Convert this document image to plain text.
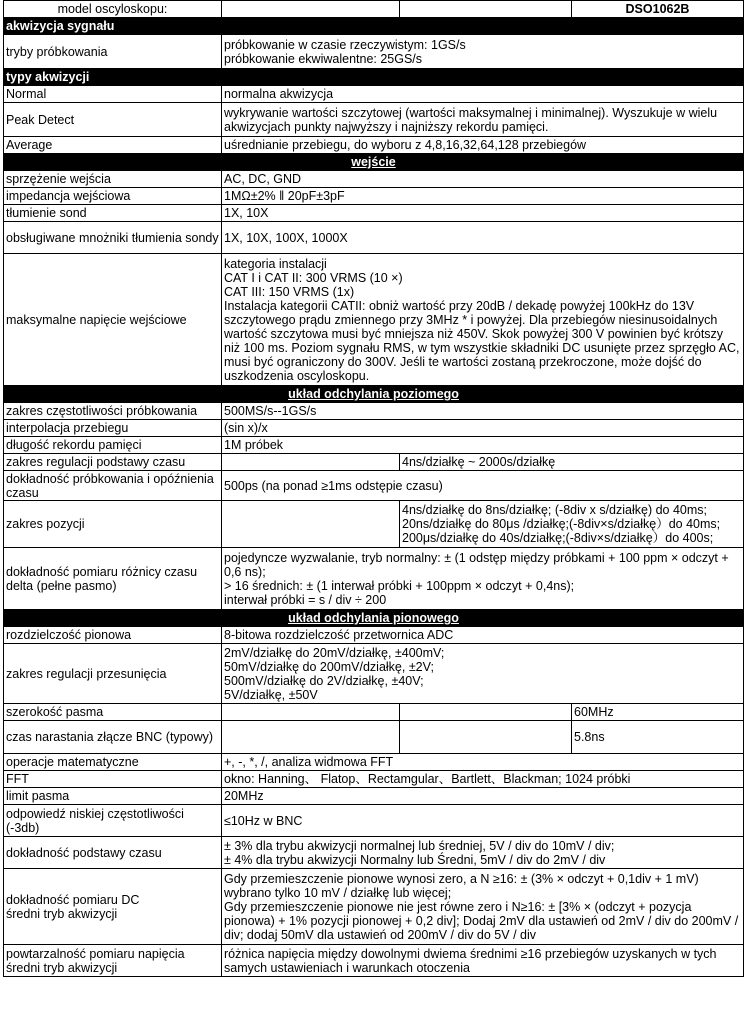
model oscyloskopu:			DSO1062B
akwizycja sygnału			
tryby próbkowania	próbkowanie w czasie rzeczywistym: 1GS/s
próbkowanie ekwiwalentne: 25GS/s		
typy akwizycji			
Normal	normalna akwizycja		
Peak Detect	wykrywanie wartości szczytowej (wartości maksymalnej i minimalnej). Wyszukuje w wielu akwizycjach punkty najwyższy i najniższy rekordu pamięci.		
Average	uśrednianie przebiegu, do wyboru z 4,8,16,32,64,128 przebiegów		
wejście			
sprzężenie wejścia	AC, DC, GND		
impedancja wejściowa	1MΩ±2% ǁ 20pF±3pF		
tłumienie sond	1X, 10X		
obsługiwane mnożniki tłumienia sondy	1X, 10X, 100X, 1000X		
maksymalne napięcie wejściowe	kategoria instalacji
CAT I i CAT II: 300 VRMS (10 ×)
CAT III: 150 VRMS (1x)
Instalacja kategorii CATII: obniż wartość przy 20dB / dekadę powyżej 100kHz do 13V szczytowego prądu zmiennego przy 3MHz * i powyżej. Dla przebiegów niesinusoidalnych wartość szczytowa musi być mniejsza niż 450V. Skok powyżej 300 V powinien być krótszy niż 100 ms. Poziom sygnału RMS, w tym wszystkie składniki DC usunięte przez sprzęgło AC, musi być ograniczony do 300V. Jeśli te wartości zostaną przekroczone, może dojść do uszkodzenia oscyloskopu.		
układ odchylania poziomego			
zakres częstotliwości próbkowania	500MS/s--1GS/s		
interpolacja przebiegu	(sin x)/x		
długość rekordu pamięci	1M próbek		
zakres regulacji podstawy czasu		4ns/działkę ~ 2000s/działkę	
dokładność próbkowania i opóźnienia czasu	500ps (na ponad ≥1ms odstępie czasu)		
zakres pozycji		4ns/działkę do 8ns/działkę; (-8div x s/działkę) do 40ms;
20ns/działkę do 80μs /działkę;(-8div×s/działkę）do 40ms;
200μs/działkę do 40s/działkę;(-8div×s/działkę）do 400s;	
dokładność pomiaru różnicy czasu delta (pełne pasmo)	pojedyncze wyzwalanie, tryb normalny: ± (1 odstęp między próbkami + 100 ppm × odczyt + 0,6 ns);
> 16 średnich: ± (1 interwał próbki + 100ppm × odczyt + 0,4ns);
interwał próbki = s / div ÷ 200		
układ odchylania pionowego			
rozdzielczość pionowa	8-bitowa rozdzielczość przetwornica ADC		
zakres regulacji przesunięcia	2mV/działkę do 20mV/działkę, ±400mV;
50mV/działkę do 200mV/działkę, ±2V;
500mV/działkę do 2V/działkę, ±40V;
5V/działkę, ±50V		
szerokość pasma			60MHz
czas narastania złącze BNC (typowy)			5.8ns
operacje matematyczne	+, -, *, /, analiza widmowa FFT		
FFT	okno: Hanning、 Flatop、Rectamgular、Bartlett、Blackman; 1024 próbki		
limit pasma	20MHz		
odpowiedź niskiej częstotliwości (-3db)	≤10Hz w BNC		
dokładność podstawy czasu	± 3% dla trybu akwizycji normalnej lub średniej, 5V / div do 10mV / div;
± 4% dla trybu akwizycji Normalny lub Średni, 5mV / div do 2mV / div		
dokładność pomiaru DC
średni tryb akwizycji	Gdy przemieszczenie pionowe wynosi zero, a N ≥16: ± (3% × odczyt + 0,1div + 1 mV) wybrano tylko 10 mV / działkę lub więcej;
Gdy przemieszczenie pionowe nie jest równe zero i N≥16: ± [3% × (odczyt + pozycja pionowa) + 1% pozycji pionowej + 0,2 div]; Dodaj 2mV dla ustawień od 2mV / div do 200mV / div; dodaj 50mV dla ustawień od 200mV / div do 5V / div		
powtarzalność pomiaru napięcia
średni tryb akwizycji	różnica napięcia między dowolnymi dwiema średnimi ≥16 przebiegów uzyskanych w tych samych ustawieniach i warunkach otoczenia		
